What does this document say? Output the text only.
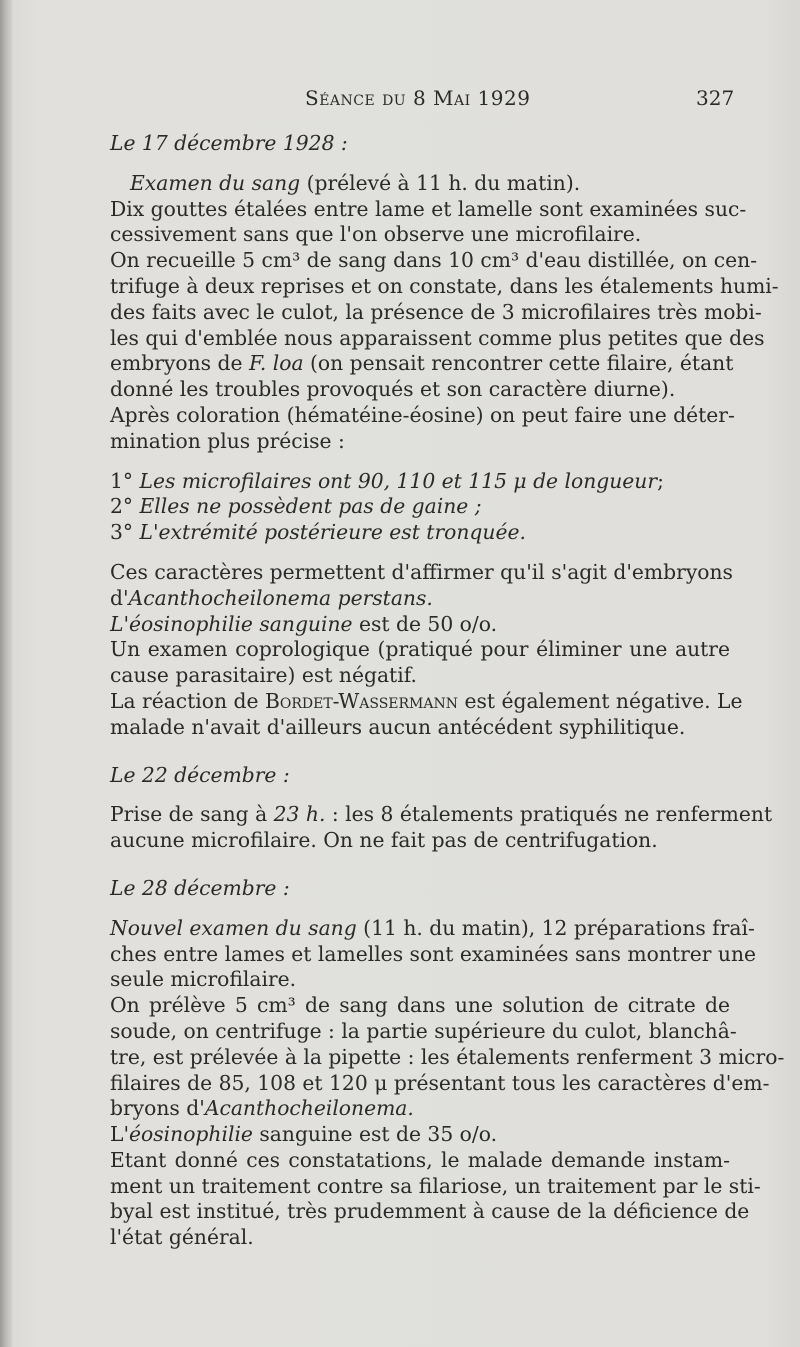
Séance du 8 Mai 1929	327
Le 17 décembre 1928 :

Examen du sang (prélevé à 11 h. du matin).
Dix gouttes étalées entre lame et lamelle sont examinées suc-
cessivement sans que l'on observe une microfilaire.

On recueille 5 cm³ de sang dans 10 cm³ d'eau distillée, on cen-
trifuge à deux reprises et on constate, dans les étalements humi-
des faits avec le culot, la présence de 3 microfilaires très mobi-
les qui d'emblée nous apparaissent comme plus petites que des
embryons de F. loa (on pensait rencontrer cette filaire, étant
donné les troubles provoqués et son caractère diurne).

Après coloration (hématéine-éosine) on peut faire une déter-
mination plus précise :

1° Les microfilaires ont 90, 110 et 115 μ de longueur;
2° Elles ne possèdent pas de gaine ;
3° L'extrémité postérieure est tronquée.

Ces caractères permettent d'affirmer qu'il s'agit d'embryons
d'Acanthocheilonema perstans.

L'éosinophilie sanguine est de 50 o/o.

Un examen coprologique (pratiqué pour éliminer une autre
cause parasitaire) est négatif.

La réaction de Bordet-Wassermann est également négative. Le
malade n'avait d'ailleurs aucun antécédent syphilitique.

Le 22 décembre :

Prise de sang à 23 h. : les 8 étalements pratiqués ne renferment
aucune microfilaire. On ne fait pas de centrifugation.

Le 28 décembre :

Nouvel examen du sang (11 h. du matin), 12 préparations fraî-
ches entre lames et lamelles sont examinées sans montrer une
seule microfilaire.

On prélève 5 cm³ de sang dans une solution de citrate de
soude, on centrifuge : la partie supérieure du culot, blanchâ-
tre, est prélevée à la pipette : les étalements renferment 3 micro-
filaires de 85, 108 et 120 μ présentant tous les caractères d'em-
bryons d'Acanthocheilonema.

L'éosinophilie sanguine est de 35 o/o.

Etant donné ces constatations, le malade demande instam-
ment un traitement contre sa filariose, un traitement par le sti-
byal est institué, très prudemment à cause de la déficience de
l'état général.
